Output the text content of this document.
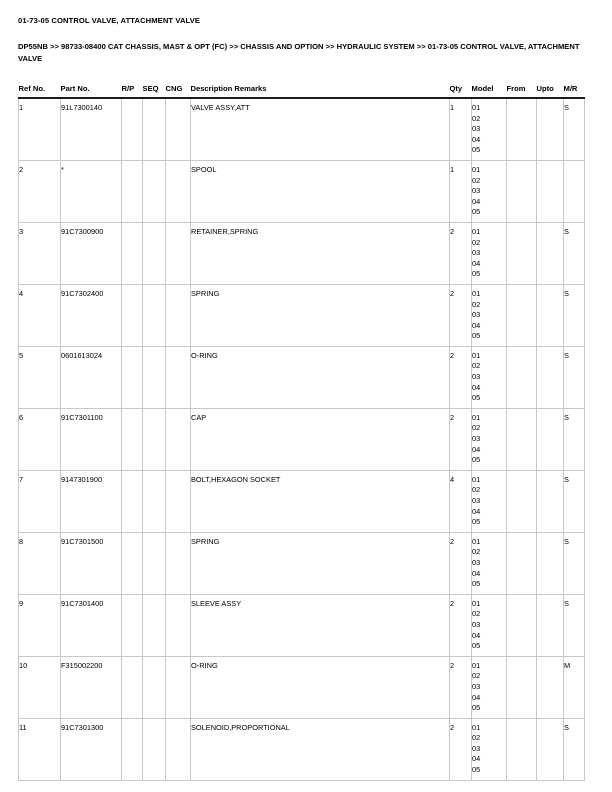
01-73-05 CONTROL VALVE, ATTACHMENT VALVE
DP55NB >> 98733-08400 CAT CHASSIS, MAST & OPT (FC) >> CHASSIS AND OPTION >> HYDRAULIC SYSTEM >> 01-73-05 CONTROL VALVE, ATTACHMENT VALVE
Ref No.	Part No.	R/P	SEQ	CNG	Description Remarks	Qty	Model	From	Upto	M/R
1	91L7300140				VALVE ASSY,ATT	1	01
02
03
04
05			S
2	*				SPOOL	1	01
02
03
04
05			

3	91C7300900				RETAINER,SPRING	2	01
02
03
04
05			S
4	91C7302400				SPRING	2	01
02
03
04
05			S
5	0601613024				O-RING	2	01
02
03
04
05			S
6	91C7301100				CAP	2	01
02
03
04
05			S
7	9147301900				BOLT,HEXAGON SOCKET	4	01
02
03
04
05			S
8	91C7301500				SPRING	2	01
02
03
04
05			S
9	91C7301400				SLEEVE ASSY	2	01
02
03
04
05			S
10	F315002200				O-RING	2	01
02
03
04
05			M
11	91C7301300				SOLENOID,PROPORTIONAL	2	01
02
03
04
05			S
